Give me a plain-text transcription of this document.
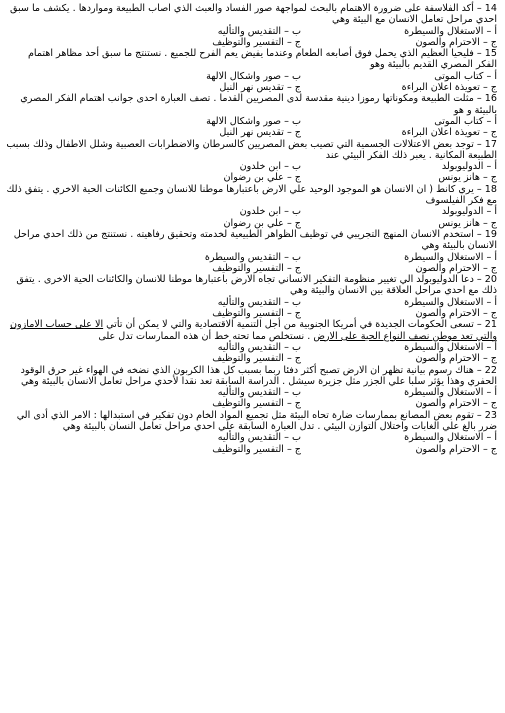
14 – أكد الفلاسفة على ضرورة الاهتمام بالبحث لمواجهة صور الفساد والعبث الذي اصاب الطبيعة ومواردها . يكشف ما سبق احدي مراحل تعامل الانسان مع البيئة وهي

أ – الاستغلال والسيطرة
ب – التقديس والتأليه
ج – الاحترام والصون
ج – التفسير والتوظيف

15 – فليحيا العظيم الذي يحمل فوق أصابعه الطعام وعندما يفيض يعم الفرح للجميع . نستنتج ما سبق أحد مظاهر اهتمام الفكر المصري القديم بالبيئة وهو

أ – كتاب الموتى
ب – صور واشكال الالهة
ج – تعويذة اعلان البراءة
ج – تقديس نهر النيل

16 – مثلت الطبيعة ومكوناتها رموزا دينية مقدسة لدى المصريين القدما . تصف العبارة احدى جوانب اهتمام الفكر المصري بالبيئة و هو

أ – كتاب الموتى
ب – صور واشكال الالهة
ج – تعويذة اعلان البراءة
ج – تقديس نهر النيل

17 – توجد بعض الاعتلالات الجسمية التي تصيب بعض المصريين كالسرطان والاضطرابات العصبية وشلل الاطفال وذلك بسبب الطبيعة المكانية . يعبر ذلك الفكر البيئي عند

أ – الدوليوبولد
ب – ابن خلدون
ج – هانز يونس
ج – علي بن رضوان

18 – يري كانط ( ان الانسان هو الموجود الوحيد علي الارض باعتبارها موطنا للانسان وجميع الكائنات الحية الاخري . يتفق ذلك مع فكر الفيلسوف

أ – الدوليوبولد
ب – ابن خلدون
ج – هانز يونس
ج – علي بن رضوان

19 – استخدم الانسان المنهج التجريبي في توظيف الظواهر الطبيعية لخدمته وتحقيق رفاهيته . نستنتج من ذلك احدي مراحل الانسان بالبيئة وهي

أ – الاستغلال والسيطرة
ب – التقديس والسيطرة
ج – الاحترام والصون
ج – التفسير والتوظيف

20 – دعا الدوليوبولد الي تغيير منظومة التفكير الانساني تجاه الارض باعتبارها موطنا للانسان والكائنات الحية الاخرى . يتفق ذلك مع احدي مراحل العلاقة بين الانسان والبيئة وهي

أ – الاستغلال والسيطرة
ب – التقديس والتأليه
ج – الاحترام والصون
ج – التفسير والتوظيف

21 – تسعى الحكومات الجديدة في أمريكا الجنوبية من أجل التنمية الاقتصادية والتي لا يمكن أن تأتي الا على حساب الامازون والتي تعد موطن نصف النواع الحية على الارض . نستخلص مما تحته خط أن هذه الممارسات تدل على

أ – الاستغلال والسيطرة
ب – التقديس والتأليه
ج – الاحترام والصون
ج – التفسير والتوظيف

22 – هناك رسوم بيانية تظهر ان الارض تصبح أكثر دفئا ربما بسبب كل هذا الكربون الذي نضخه في الهواء غير حرق الوقود الحفري وهذا يؤثر سلبا علي الجزر مثل جزيرة سيشل . الدراسة السابقة تعد نقدا لأحدي مراحل تعامل الانسان بالبيئة وهي

أ – الاستغلال والسيطرة
ب – التقديس والتأليه
ج – الاحترام والصون
ج – التفسير والتوظيف

23 – تقوم بعض المصانع بممارسات ضارة تحاه البيئة مثل تجميع المواد الخام دون تفكير في استبدالها : الامر الذي أدى الي ضرر بالغ علي الغابات واختلال التوازن البيئي . تدل العبارة السابقة علي احدي مراحل تعامل النسان بالبيئة وهي

أ – الاستغلال والسيطرة
ب – التقديس والتأليه
ج – الاحترام والصون
ج – التفسير والتوظيف
